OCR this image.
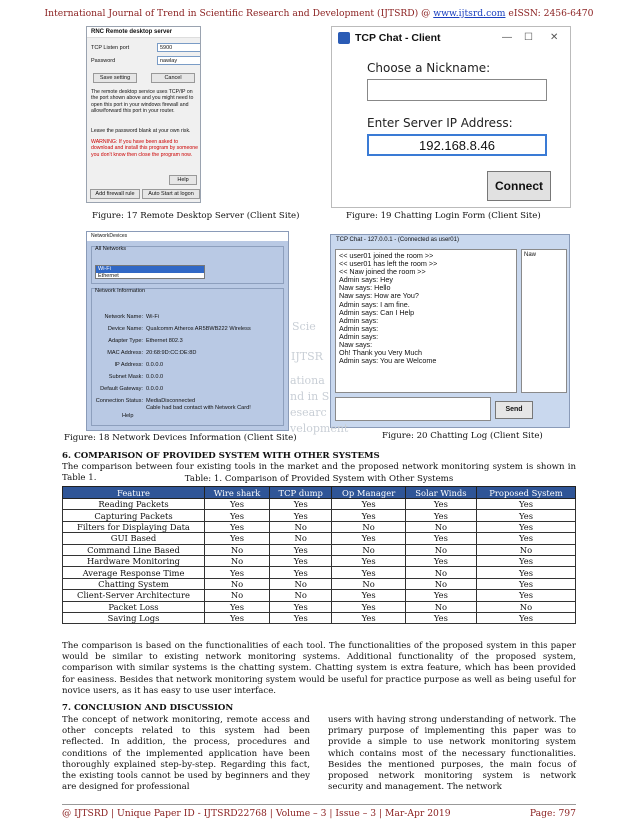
International Journal of Trend in Scientific Research and Development (IJTSRD) @ www.ijtsrd.com eISSN: 2456-6470
RNC Remote desktop server
TCP Listen port	5900
Password	nawlay
Save setting	Cancel
The remote desktop service uses TCP/IP on the port shown above and you might need to open this port in your windows firewall and allow/forward this port in your router.
Leave the password blank at your own risk.
WARNING: If you have been asked to download and install this program by someone you don't know then close the program now.
Help
Add firewall rule	Auto Start at logon
Figure: 17 Remote Desktop Server (Client Site)
TCP Chat - Client	— ☐ ✕
Choose a Nickname:
Enter Server IP Address:
192.168.8.46
Connect
Figure: 19 Chatting Login Form (Client Site)
NetworkDevices
All Networks
Wi-Fi
Ethernet
Network Information
Network Name: Wi-Fi
Device Name: Qualcomm Atheros AR5BWB222 Wireless
Adapter Type: Ethernet 802.3
MAC Address: 20:68:9D:CC:DE:8D
IP Address: 0.0.0.0
Subnet Mask: 0.0.0.0
Default Gateway: 0.0.0.0
Connection Status: MediaDisconnected
Cable had bad contact with Network Card!
Help
Figure: 18 Network Devices Information (Client Site)
TCP Chat - 127.0.0.1 - (Connected as user01)
<< user01 joined the room >>
<< user01 has left the room >>
<< Naw joined the room >>
Admin says: Hey
Naw says: Hello
Naw says: How are You?
Admin says: I am fine.
Admin says: Can I Help
Admin says:
Admin says:
Admin says:
Naw says:
Oh! Thank you Very Much
Admin says: You are Welcome
Naw
Send
Figure: 20 Chatting Log (Client Site)
Scie
IJTSR
ationa
nd in S
esearc
velopment
6. COMPARISON OF PROVIDED SYSTEM WITH OTHER SYSTEMS
The comparison between four existing tools in the market and the proposed network monitoring system is shown in Table 1.	Table: 1. Comparison of Provided System with Other Systems
Feature	Wire shark	TCP dump	Op Manager	Solar Winds	Proposed System
Reading Packets	Yes	Yes	Yes	Yes	Yes
Capturing Packets	Yes	Yes	Yes	Yes	Yes
Filters for Displaying Data	Yes	No	No	No	Yes
GUI Based	Yes	No	Yes	Yes	Yes
Command Line Based	No	Yes	No	No	No
Hardware Monitoring	No	Yes	Yes	Yes	Yes
Average Response Time	Yes	Yes	Yes	No	Yes
Chatting System	No	No	No	No	Yes
Client-Server Architecture	No	No	Yes	Yes	Yes
Packet Loss	Yes	Yes	Yes	No	No
Saving Logs	Yes	Yes	Yes	Yes	Yes
The comparison is based on the functionalities of each tool. The functionalities of the proposed system in this paper would be similar to existing network monitoring systems. Additional functionality of the proposed system, comparison with similar systems is the chatting system. Chatting system is extra feature, which has been provided for easiness. Besides that network monitoring system would be useful for practice purpose as well as being useful for novice users, as it has easy to use user interface.
7. CONCLUSION AND DISCUSSION
The concept of network monitoring, remote access and other concepts related to this system had been reflected. In addition, the process, procedures and conditions of the implemented application have been thoroughly explained step-by-step. Regarding this fact, the existing tools cannot be used by beginners and they are designed for professional
users with having strong understanding of network. The primary purpose of implementing this paper was to provide a simple to use network monitoring system which contains most of the necessary functionalities. Besides the mentioned purposes, the main focus of proposed network monitoring system is network security and management. The network
@ IJTSRD | Unique Paper ID - IJTSRD22768 | Volume – 3 | Issue – 3 | Mar-Apr 2019	Page: 797
